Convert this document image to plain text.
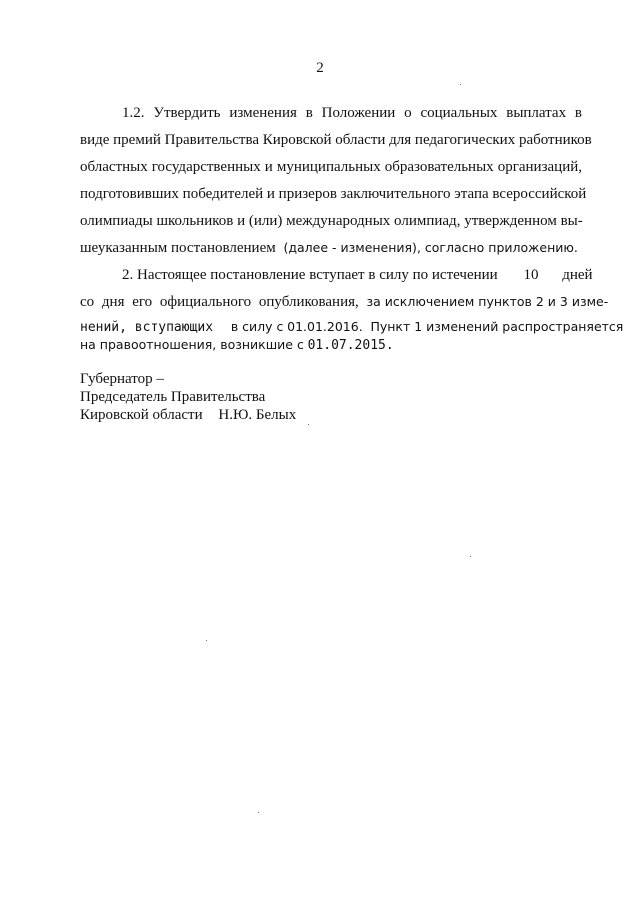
2
1.2. Утвердить изменения в Положении о социальных выплатах в
виде премий Правительства Кировской области для педагогических работников
областных государственных и муниципальных образовательных организаций,
подготовивших победителей и призеров заключительного этапа всероссийской
олимпиады школьников и (или) международных олимпиад, утвержденном вы-
шеуказанным постановлением (далее - изменения), согласно приложению.
2. Настоящее постановление вступает в силу по истечении 10 дней
со дня его официального опубликования, за исключением пунктов 2 и 3 изме-
нений, вступающих в силу с 01.01.2016. Пункт 1 изменений распространяется
на правоотношения, возникшие с 01.07.2015.
Губернатор –
Председатель Правительства
Кировской области Н.Ю. Белых
